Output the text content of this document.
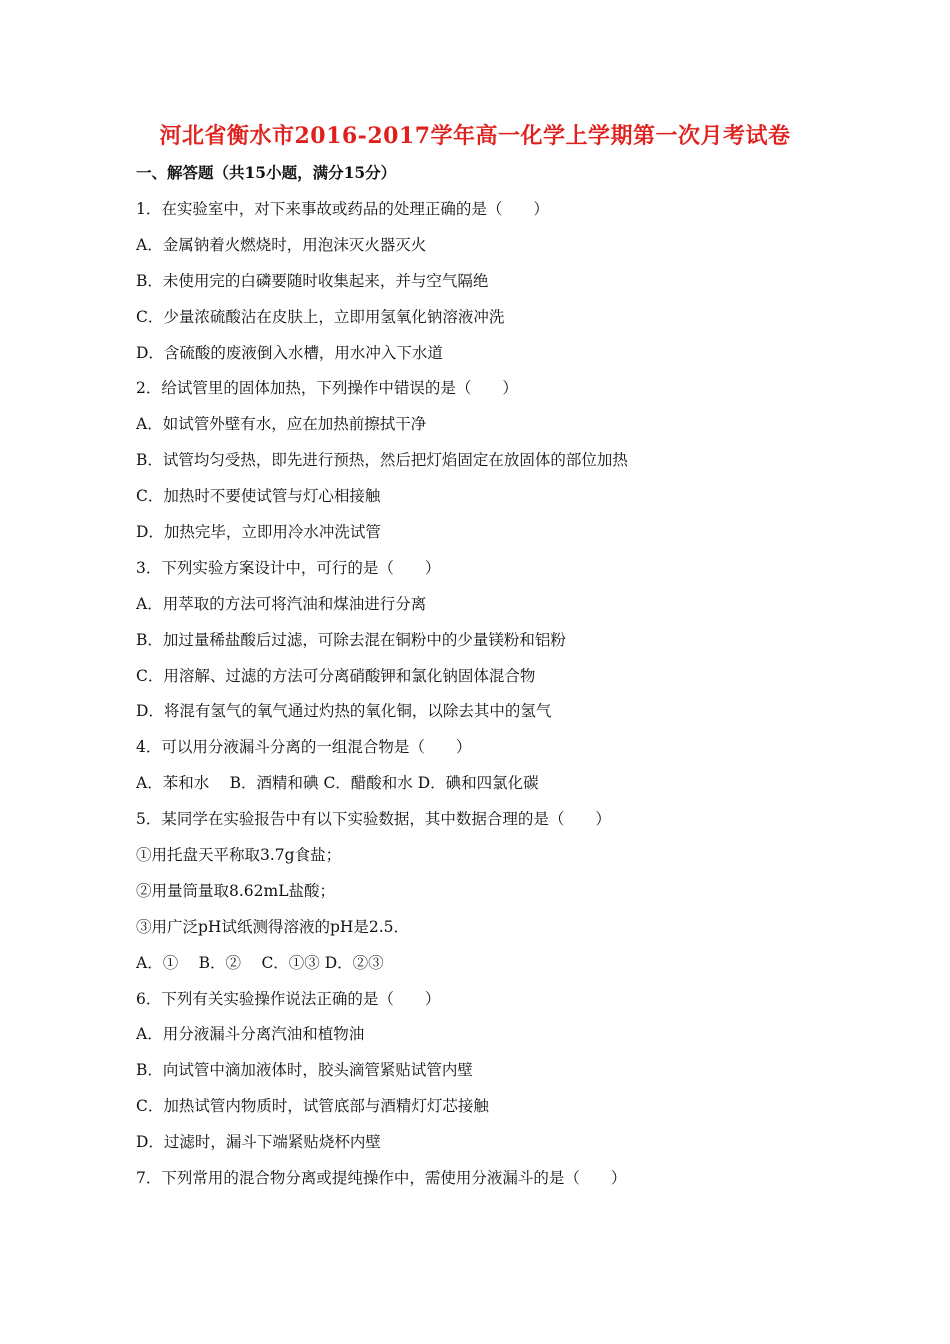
河北省衡水市2016-2017学年高一化学上学期第一次月考试卷
一、解答题（共15小题，满分15分）
1．在实验室中，对下来事故或药品的处理正确的是（　　）
A．金属钠着火燃烧时，用泡沫灭火器灭火
B．未使用完的白磷要随时收集起来，并与空气隔绝
C．少量浓硫酸沾在皮肤上，立即用氢氧化钠溶液冲洗
D．含硫酸的废液倒入水槽，用水冲入下水道
2．给试管里的固体加热，下列操作中错误的是（　　）
A．如试管外壁有水，应在加热前擦拭干净
B．试管均匀受热，即先进行预热，然后把灯焰固定在放固体的部位加热
C．加热时不要使试管与灯心相接触
D．加热完毕，立即用冷水冲洗试管
3．下列实验方案设计中，可行的是（　　）
A．用萃取的方法可将汽油和煤油进行分离
B．加过量稀盐酸后过滤，可除去混在铜粉中的少量镁粉和铝粉
C．用溶解、过滤的方法可分离硝酸钾和氯化钠固体混合物
D．将混有氢气的氧气通过灼热的氧化铜，以除去其中的氢气
4．可以用分液漏斗分离的一组混合物是（　　）
A．苯和水　 B．酒精和碘 C．醋酸和水 D．碘和四氯化碳
5．某同学在实验报告中有以下实验数据，其中数据合理的是（　　）
①用托盘天平称取3.7g食盐；
②用量筒量取8.62mL盐酸；
③用广泛pH试纸测得溶液的pH是2.5．
A．①　 B．②　 C．①③ D．②③
6．下列有关实验操作说法正确的是（　　）
A．用分液漏斗分离汽油和植物油
B．向试管中滴加液体时，胶头滴管紧贴试管内壁
C．加热试管内物质时，试管底部与酒精灯灯芯接触
D．过滤时，漏斗下端紧贴烧杯内壁
7．下列常用的混合物分离或提纯操作中，需使用分液漏斗的是（　　）
